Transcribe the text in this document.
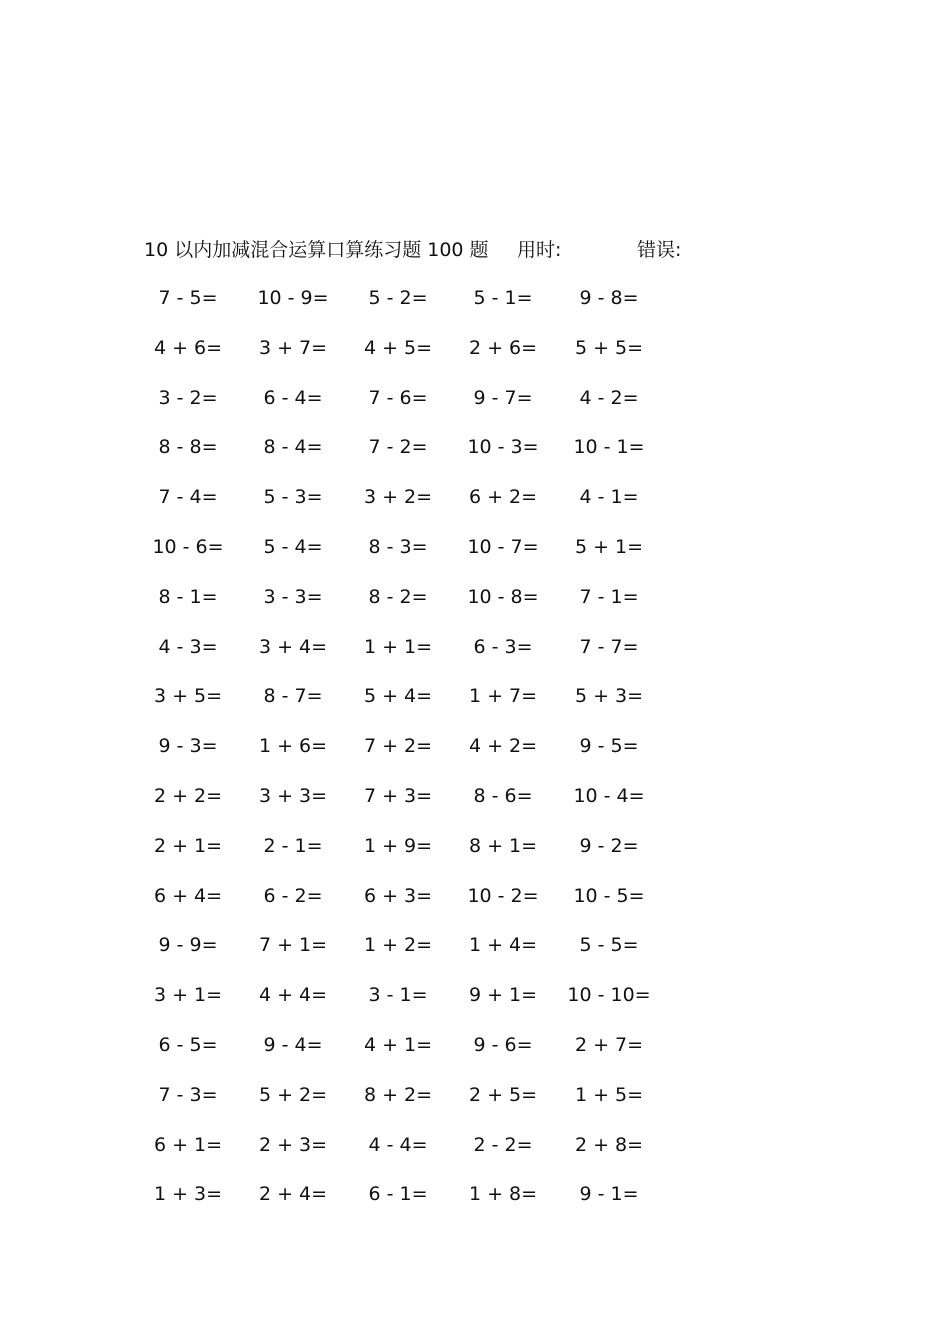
10 以内加减混合运算口算练习题 100 题 用时:	错误:
7 - 5=	10 - 9=	5 - 2=	5 - 1=	9 - 8=
4 + 6=	3 + 7=	4 + 5=	2 + 6=	5 + 5=
3 - 2=	6 - 4=	7 - 6=	9 - 7=	4 - 2=
8 - 8=	8 - 4=	7 - 2=	10 - 3=	10 - 1=
7 - 4=	5 - 3=	3 + 2=	6 + 2=	4 - 1=
10 - 6=	5 - 4=	8 - 3=	10 - 7=	5 + 1=
8 - 1=	3 - 3=	8 - 2=	10 - 8=	7 - 1=
4 - 3=	3 + 4=	1 + 1=	6 - 3=	7 - 7=
3 + 5=	8 - 7=	5 + 4=	1 + 7=	5 + 3=
9 - 3=	1 + 6=	7 + 2=	4 + 2=	9 - 5=
2 + 2=	3 + 3=	7 + 3=	8 - 6=	10 - 4=
2 + 1=	2 - 1=	1 + 9=	8 + 1=	9 - 2=
6 + 4=	6 - 2=	6 + 3=	10 - 2=	10 - 5=
9 - 9=	7 + 1=	1 + 2=	1 + 4=	5 - 5=
3 + 1=	4 + 4=	3 - 1=	9 + 1=	10 - 10=
6 - 5=	9 - 4=	4 + 1=	9 - 6=	2 + 7=
7 - 3=	5 + 2=	8 + 2=	2 + 5=	1 + 5=
6 + 1=	2 + 3=	4 - 4=	2 - 2=	2 + 8=
1 + 3=	2 + 4=	6 - 1=	1 + 8=	9 - 1=
